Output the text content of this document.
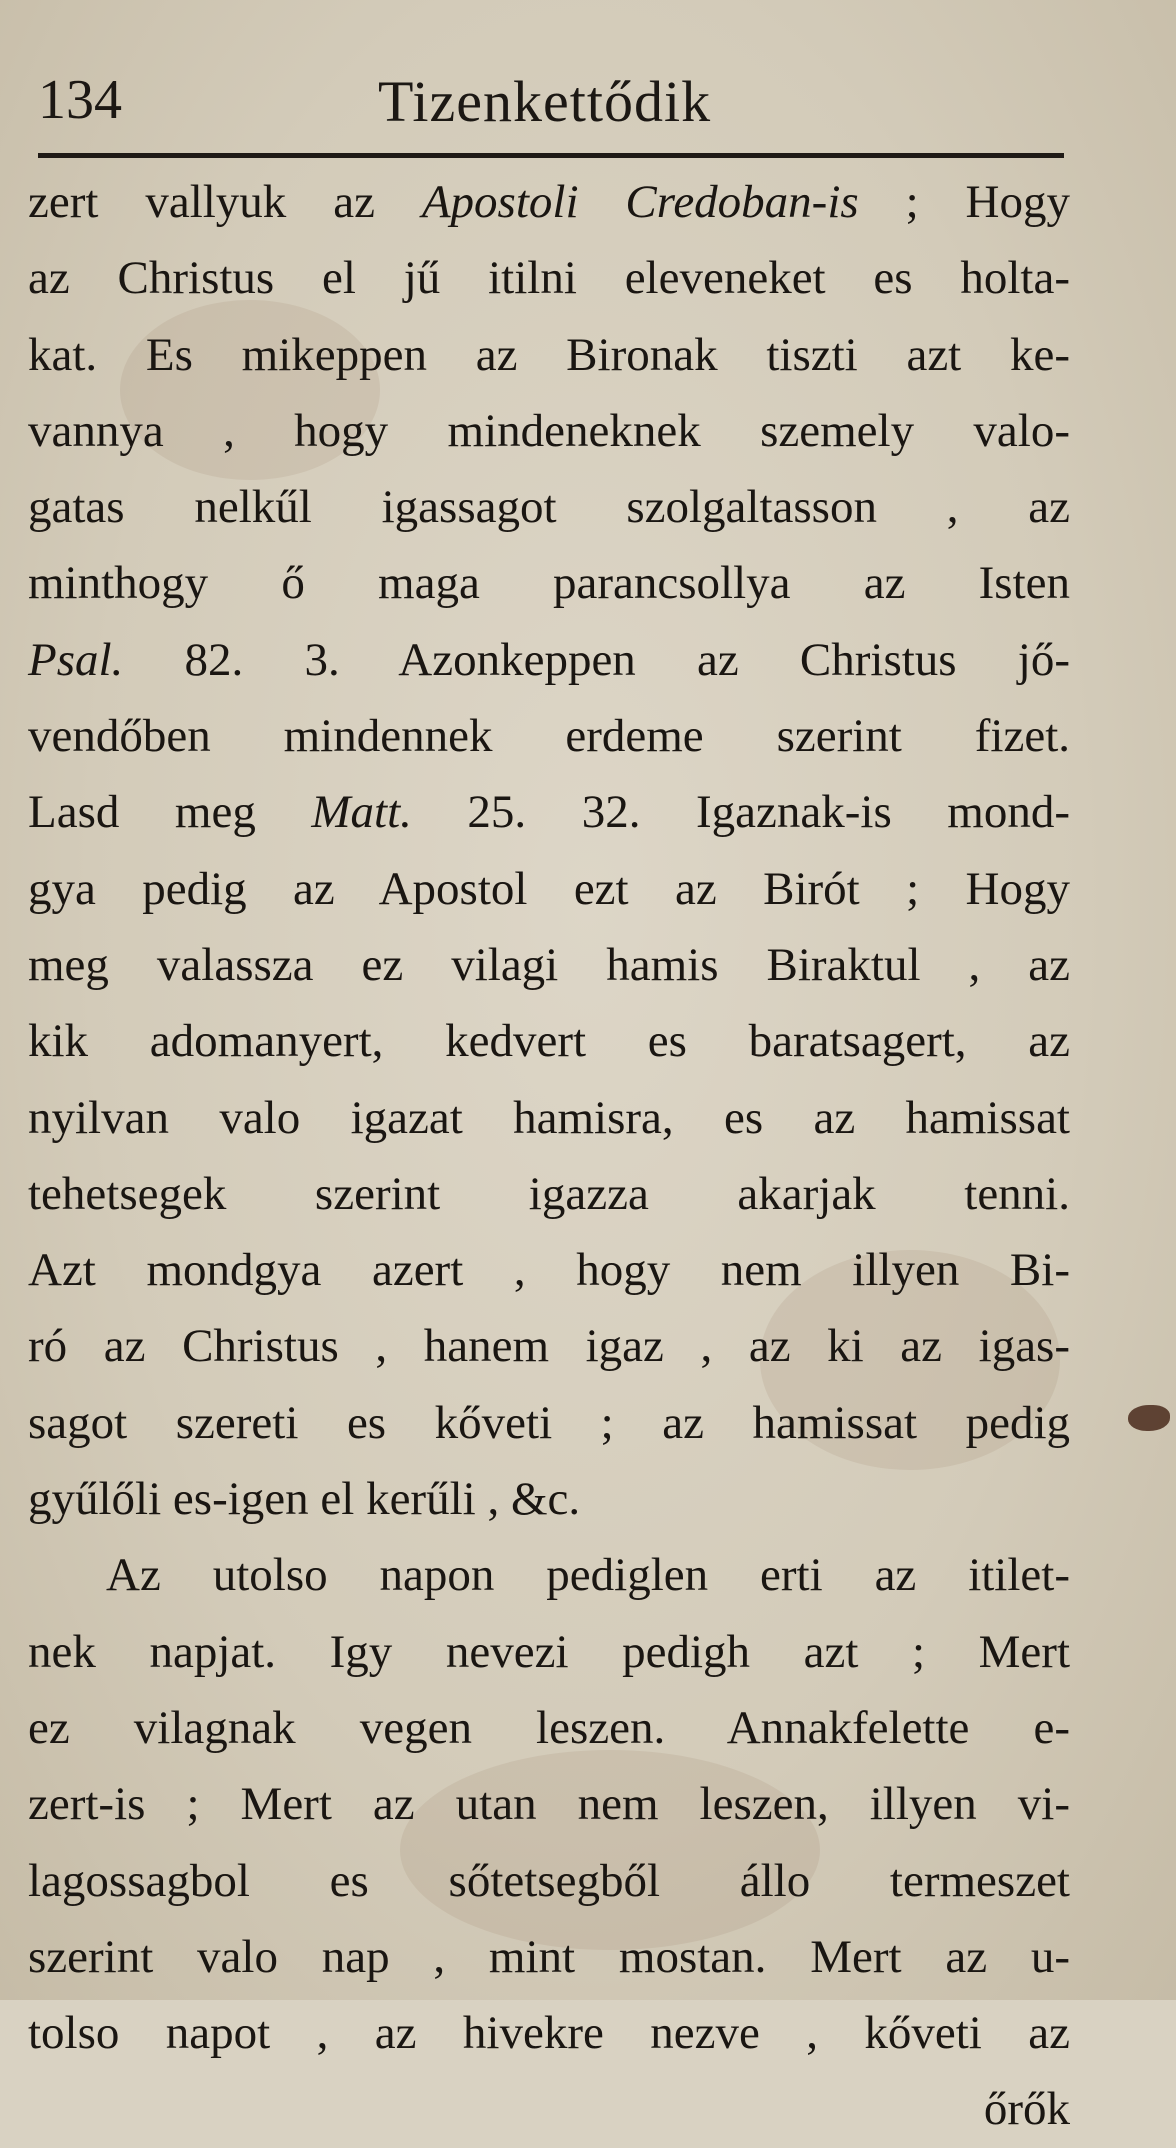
134	Tizenkettődik
zert vallyuk az Apostoli Credoban-is ; Hogy
az Christus el jű itilni eleveneket es holta-
kat. Es mikeppen az Bironak tiszti azt ke-
vannya , hogy mindeneknek szemely valo-
gatas nelkűl igassagot szolgaltasson , az
minthogy ő maga parancsollya az Isten
Psal. 82. 3. Azonkeppen az Christus jő-
vendőben mindennek erdeme szerint fizet.
Lasd meg Matt. 25. 32. Igaznak-is mond-
gya pedig az Apostol ezt az Birót ; Hogy
meg valassza ez vilagi hamis Biraktul , az
kik adomanyert, kedvert es baratsagert, az
nyilvan valo igazat hamisra, es az hamissat
tehetsegek szerint igazza akarjak tenni.
Azt mondgya azert , hogy nem illyen Bi-
ró az Christus , hanem igaz , az ki az igas-
sagot szereti es kőveti ; az hamissat pedig
gyűlőli es-igen el kerűli , &c.
Az utolso napon pediglen erti az itilet-
nek napjat. Igy nevezi pedigh azt ; Mert
ez vilagnak vegen leszen. Annakfelette e-
zert-is ; Mert az utan nem leszen, illyen vi-
lagossagbol es sőtetsegből állo termeszet
szerint valo nap , mint mostan. Mert az u-
tolso napot , az hivekre nezve , kőveti az
őrők
